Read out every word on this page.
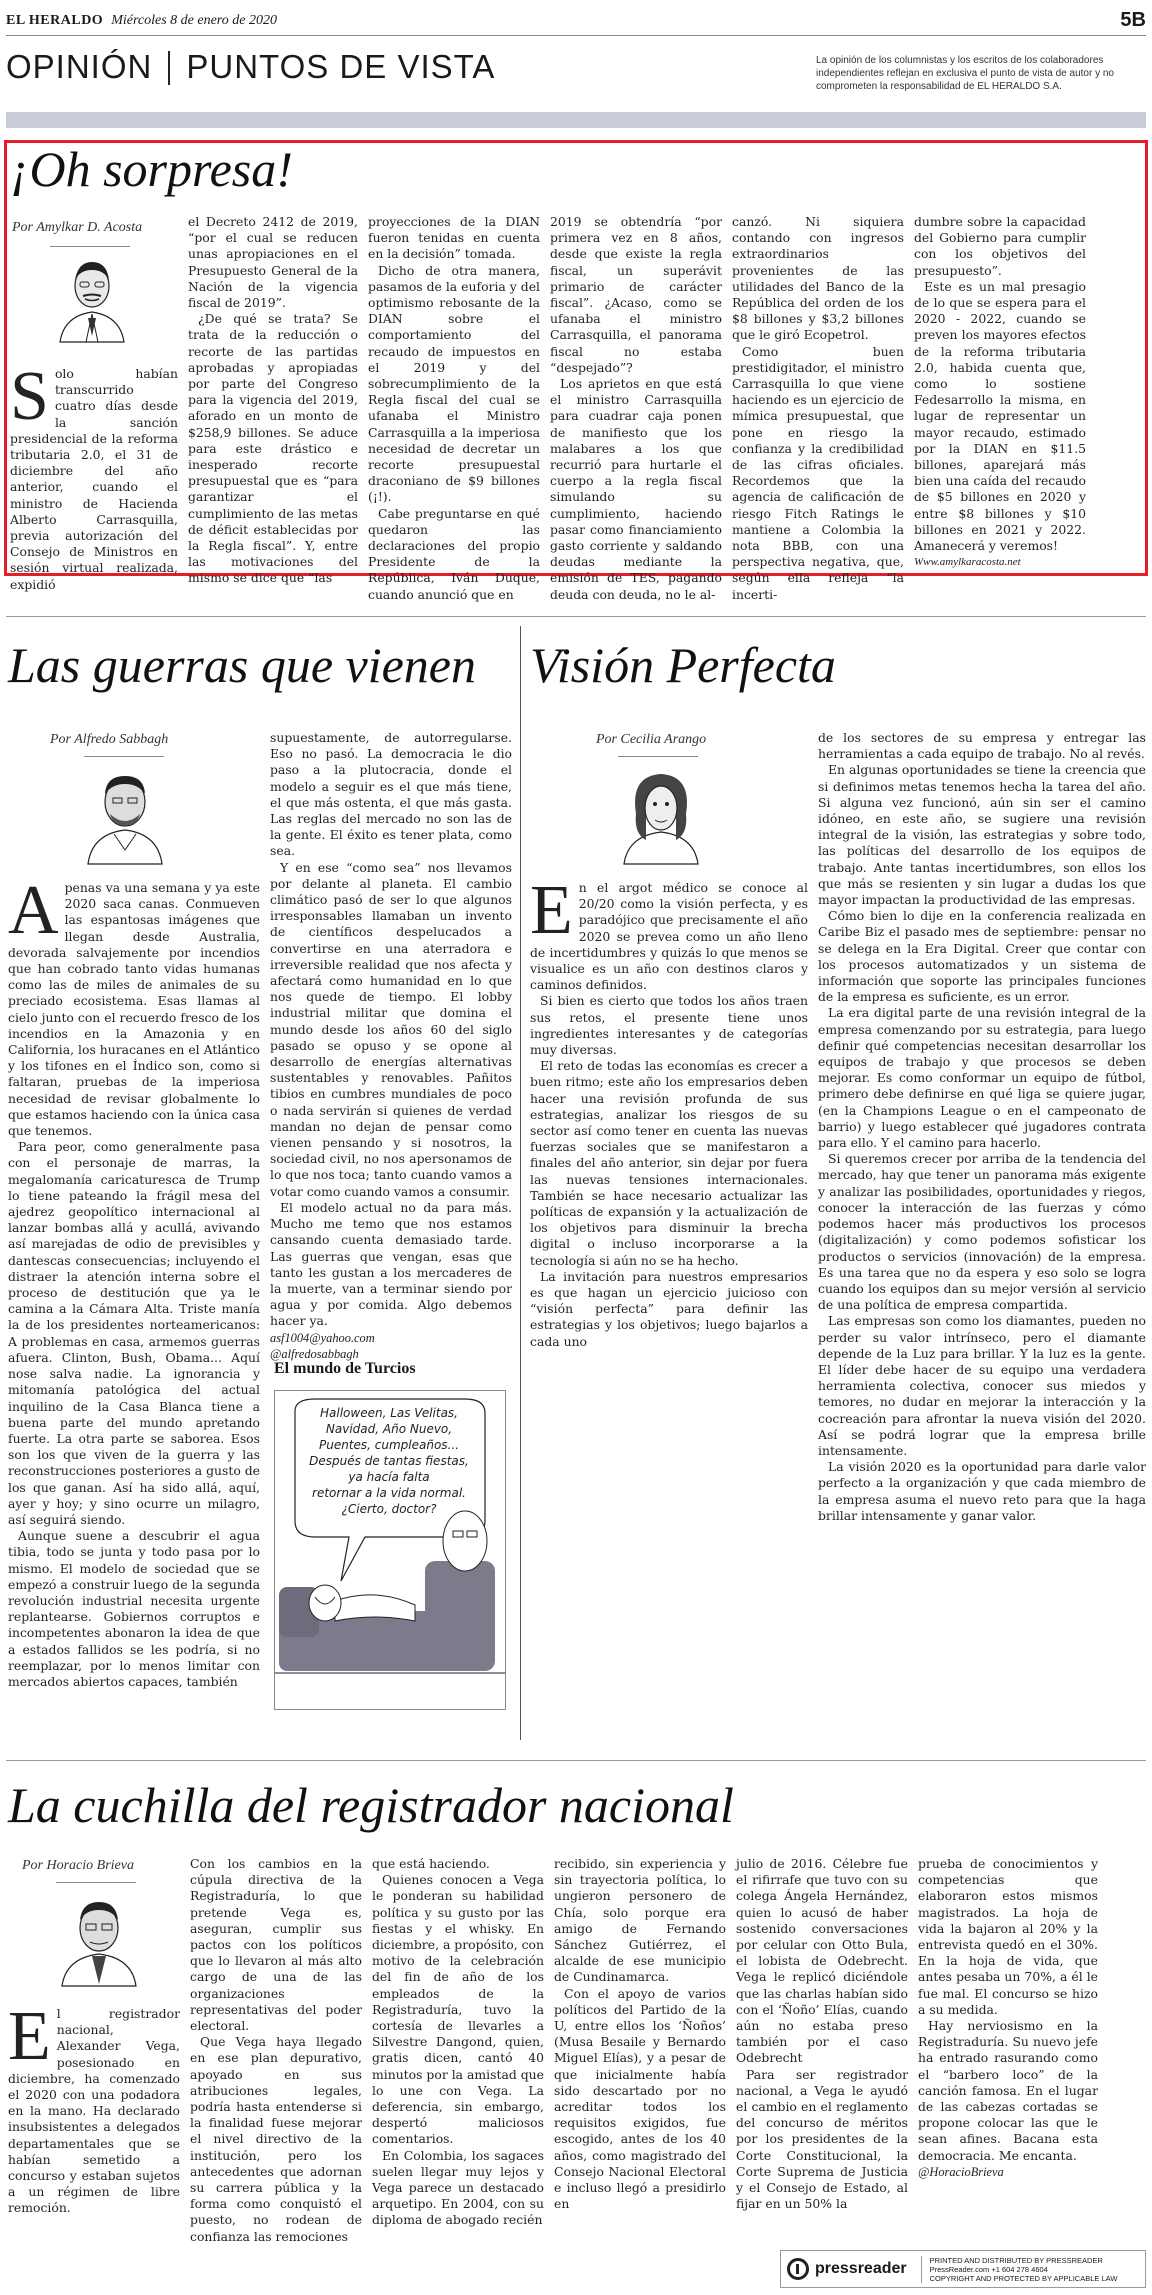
EL HERALDO Miércoles 8 de enero de 2020	5B
OPINIÓN PUNTOS DE VISTA	La opinión de los columnistas y los escritos de los colaboradores independientes reflejan en exclusiva el punto de vista de autor y no comprometen la responsabilidad de EL HERALDO S.A.
¡Oh sorpresa!
Por Amylkar D. Acosta
S olo habían transcurrido cuatro días desde la sanción presidencial de la reforma tributaria 2.0, el 31 de diciembre del año anterior, cuando el ministro de Hacienda Alberto Carrasquilla, previa autorización del Consejo de Ministros en sesión virtual realizada, expidió

el Decreto 2412 de 2019, “por el cual se reducen unas apropiaciones en el Presupuesto General de la Nación de la vigencia fiscal de 2019”.

¿De qué se trata? Se trata de la reducción o recorte de las partidas aprobadas y apropiadas por parte del Congreso para la vigencia del 2019, aforado en un monto de $258,9 billones. Se aduce para este drástico e inesperado recorte presupuestal que es “para garantizar el cumplimiento de las metas de déficit establecidas por la Regla fiscal”. Y, entre las motivaciones del mismo se dice que “las

proyecciones de la DIAN fueron tenidas en cuenta en la decisión” tomada.

Dicho de otra manera, pasamos de la euforia y del optimismo rebosante de la DIAN sobre el comportamiento del recaudo de impuestos en el 2019 y del sobrecumplimiento de la Regla fiscal del cual se ufanaba el Ministro Carrasquilla a la imperiosa necesidad de decretar un recorte presupuestal draconiano de $9 billones (¡!).

Cabe preguntarse en qué quedaron las declaraciones del propio Presidente de la República, Iván Duque, cuando anunció que en

2019 se obtendría “por primera vez en 8 años, desde que existe la regla fiscal, un superávit primario de carácter fiscal”. ¿Acaso, como se ufanaba el ministro Carrasquilla, el panorama fiscal no estaba “despejado”?

Los aprietos en que está el ministro Carrasquilla para cuadrar caja ponen de manifiesto que los malabares a los que recurrió para hurtarle el cuerpo a la regla fiscal simulando su cumplimiento, haciendo pasar como financiamiento gasto corriente y saldando deudas mediante la emisión de TES, pagando deuda con deuda, no le al-

canzó. Ni siquiera contando con ingresos extraordinarios provenientes de las utilidades del Banco de la República del orden de los $8 billones y $3,2 billones que le giró Ecopetrol.

Como buen prestidigitador, el ministro Carrasquilla lo que viene haciendo es un ejercicio de mímica presupuestal, que pone en riesgo la confianza y la credibilidad de las cifras oficiales. Recordemos que la agencia de calificación de riesgo Fitch Ratings le mantiene a Colombia la nota BBB, con una perspectiva negativa, que, según ella refleja “la incerti-

dumbre sobre la capacidad del Gobierno para cumplir con los objetivos del presupuesto”.

Este es un mal presagio de lo que se espera para el 2020 - 2022, cuando se preven los mayores efectos de la reforma tributaria 2.0, habida cuenta que, como lo sostiene Fedesarrollo la misma, en lugar de representar un mayor recaudo, estimado por la DIAN en $11.5 billones, aparejará más bien una caída del recaudo de $5 billones en 2020 y entre $8 billones y $10 billones en 2021 y 2022. Amanecerá y veremos!

Www.amylkaracosta.net

Las guerras que vienen
Por Alfredo Sabbagh
A penas va una semana y ya este 2020 saca canas. Conmueven las espantosas imágenes que llegan desde Australia, devorada salvajemente por incendios que han cobrado tanto vidas humanas como las de miles de animales de su preciado ecosistema. Esas llamas al cielo junto con el recuerdo fresco de los incendios en la Amazonia y en California, los huracanes en el Atlántico y los tifones en el Índico son, como si faltaran, pruebas de la imperiosa necesidad de revisar globalmente lo que estamos haciendo con la única casa que tenemos.

Para peor, como generalmente pasa con el personaje de marras, la megalomanía caricaturesca de Trump lo tiene pateando la frágil mesa del ajedrez geopolítico internacional al lanzar bombas allá y acullá, avivando así marejadas de odio de previsibles y dantescas consecuencias; incluyendo el distraer la atención interna sobre el proceso de destitución que ya le camina a la Cámara Alta. Triste manía la de los presidentes norteamericanos: A problemas en casa, armemos guerras afuera. Clinton, Bush, Obama... Aquí nose salva nadie. La ignorancia y mitomanía patológica del actual inquilino de la Casa Blanca tiene a buena parte del mundo apretando fuerte. La otra parte se saborea. Esos son los que viven de la guerra y las reconstrucciones posteriores a gusto de los que ganan. Así ha sido allá, aquí, ayer y hoy; y sino ocurre un milagro, así seguirá siendo.

Aunque suene a descubrir el agua tibia, todo se junta y todo pasa por lo mismo. El modelo de sociedad que se empezó a construir luego de la segunda revolución industrial necesita urgente replantearse. Gobiernos corruptos e incompetentes abonaron la idea de que a estados fallidos se les podría, si no reemplazar, por lo menos limitar con mercados abiertos capaces, también

supuestamente, de autorregularse. Eso no pasó. La democracia le dio paso a la plutocracia, donde el modelo a seguir es el que más tiene, el que más ostenta, el que más gasta. Las reglas del mercado no son las de la gente. El éxito es tener plata, como sea.

Y en ese “como sea” nos llevamos por delante al planeta. El cambio climático pasó de ser lo que algunos irresponsables llamaban un invento de científicos despelucados a convertirse en una aterradora e irreversible realidad que nos afecta y afectará como humanidad en lo que nos quede de tiempo. El lobby industrial militar que domina el mundo desde los años 60 del siglo pasado se opuso y se opone al desarrollo de energías alternativas sustentables y renovables. Pañitos tibios en cumbres mundiales de poco o nada servirán si quienes de verdad mandan no dejan de pensar como vienen pensando y si nosotros, la sociedad civil, no nos apersonamos de lo que nos toca; tanto cuando vamos a votar como cuando vamos a consumir.

El modelo actual no da para más. Mucho me temo que nos estamos cansando cuenta demasiado tarde. Las guerras que vengan, esas que tanto les gustan a los mercaderes de la muerte, van a terminar siendo por agua y por comida. Algo debemos hacer ya.

asf1004@yahoo.com

@alfredosabbagh

El mundo de Turcios
Halloween, Las Velitas,
Navidad, Año Nuevo,
Puentes, cumpleaños...
Después de tantas fiestas,
ya hacía falta
retornar a la vida normal.
¿Cierto, doctor?
Visión Perfecta
Por Cecilia Arango
E n el argot médico se conoce al 20/20 como la visión perfecta, y es paradójico que precisamente el año 2020 se prevea como un año lleno de incertidumbres y quizás lo que menos se visualice es un año con destinos claros y caminos definidos.

Si bien es cierto que todos los años traen sus retos, el presente tiene unos ingredientes interesantes y de categorías muy diversas.

El reto de todas las economías es crecer a buen ritmo; este año los empresarios deben hacer una revisión profunda de sus estrategias, analizar los riesgos de su sector así como tener en cuenta las nuevas fuerzas sociales que se manifestaron a finales del año anterior, sin dejar por fuera las nuevas tensiones internacionales. También se hace necesario actualizar las políticas de expansión y la actualización de los objetivos para disminuir la brecha digital o incluso incorporarse a la tecnología si aún no se ha hecho.

La invitación para nuestros empresarios es que hagan un ejercicio juicioso con “visión perfecta” para definir las estrategias y los objetivos; luego bajarlos a cada uno

de los sectores de su empresa y entregar las herramientas a cada equipo de trabajo. No al revés.

En algunas oportunidades se tiene la creencia que si definimos metas tenemos hecha la tarea del año. Si alguna vez funcionó, aún sin ser el camino idóneo, en este año, se sugiere una revisión integral de la visión, las estrategias y sobre todo, las políticas del desarrollo de los equipos de trabajo. Ante tantas incertidumbres, son ellos los que más se resienten y sin lugar a dudas los que mayor impactan la productividad de las empresas.

Cómo bien lo dije en la conferencia realizada en Caribe Biz el pasado mes de septiembre: pensar no se delega en la Era Digital. Creer que contar con los procesos automatizados y un sistema de información que soporte las principales funciones de la empresa es suficiente, es un error.

La era digital parte de una revisión integral de la empresa comenzando por su estrategia, para luego definir qué competencias necesitan desarrollar los equipos de trabajo y que procesos se deben mejorar. Es como conformar un equipo de fútbol, primero debe definirse en qué liga se quiere jugar, (en la Champions League o en el campeonato de barrio) y luego establecer qué jugadores contrata para ello. Y el camino para hacerlo.

Si queremos crecer por arriba de la tendencia del mercado, hay que tener un panorama más exigente y analizar las posibilidades, oportunidades y riegos, conocer la interacción de las fuerzas y cómo podemos hacer más productivos los procesos (digitalización) y como podemos sofisticar los productos o servicios (innovación) de la empresa. Es una tarea que no da espera y eso solo se logra cuando los equipos dan su mejor versión al servicio de una política de empresa compartida.

Las empresas son como los diamantes, pueden no perder su valor intrínseco, pero el diamante depende de la Luz para brillar. Y la luz es la gente. El líder debe hacer de su equipo una verdadera herramienta colectiva, conocer sus miedos y temores, no dudar en mejorar la interacción y la cocreación para afrontar la nueva visión del 2020. Así se podrá lograr que la empresa brille intensamente.

La visión 2020 es la oportunidad para darle valor perfecto a la organización y que cada miembro de la empresa asuma el nuevo reto para que la haga brillar intensamente y ganar valor.

La cuchilla del registrador nacional
Por Horacio Brieva
E l registrador nacional, Alexander Vega, posesionado en diciembre, ha comenzado el 2020 con una podadora en la mano. Ha declarado insubsistentes a delegados departamentales que se habían semetido a concurso y estaban sujetos a un régimen de libre remoción.

Con los cambios en la cúpula directiva de la Registraduría, lo que pretende Vega es, aseguran, cumplir sus pactos con los políticos que lo llevaron al más alto cargo de una de las organizaciones representativas del poder electoral.

Que Vega haya llegado en ese plan depurativo, apoyado en sus atribuciones legales, podría hasta entenderse si la finalidad fuese mejorar el nivel directivo de la institución, pero los antecedentes que adornan su carrera pública y la forma como conquistó el puesto, no rodean de confianza las remociones

que está haciendo.

Quienes conocen a Vega le ponderan su habilidad política y su gusto por las fiestas y el whisky. En diciembre, a propósito, con motivo de la celebración del fin de año de los empleados de la Registraduría, tuvo la cortesía de llevarles a Silvestre Dangond, quien, gratis dicen, cantó 40 minutos por la amistad que lo une con Vega. La deferencia, sin embargo, despertó maliciosos comentarios.

En Colombia, los sagaces suelen llegar muy lejos y Vega parece un destacado arquetipo. En 2004, con su diploma de abogado recién

recibido, sin experiencia y sin trayectoria política, lo ungieron personero de Chía, solo porque era amigo de Fernando Sánchez Gutiérrez, el alcalde de ese municipio de Cundinamarca.

Con el apoyo de varios políticos del Partido de la U, entre ellos los ‘Ñoños’ (Musa Besaile y Bernardo Miguel Elías), y a pesar de que inicialmente había sido descartado por no acreditar todos los requisitos exigidos, fue escogido, antes de los 40 años, como magistrado del Consejo Nacional Electoral e incluso llegó a presidirlo en

julio de 2016. Célebre fue el rifirrafe que tuvo con su colega Ángela Hernández, quien lo acusó de haber sostenido conversaciones por celular con Otto Bula, el lobista de Odebrecht. Vega le replicó diciéndole que las charlas habían sido con el ‘Ñoño’ Elías, cuando aún no estaba preso también por el caso Odebrecht

Para ser registrador nacional, a Vega le ayudó el cambio en el reglamento del concurso de méritos por los presidentes de la Corte Constitucional, la Corte Suprema de Justicia y el Consejo de Estado, al fijar en un 50% la

prueba de conocimientos y competencias que elaboraron estos mismos magistrados. La hoja de vida la bajaron al 20% y la entrevista quedó en el 30%. En la hoja de vida, que antes pesaba un 70%, a él le fue mal. El concurso se hizo a su medida.

Hay nerviosismo en la Registraduría. Su nuevo jefe ha entrado rasurando como el “barbero loco” de la canción famosa. En el lugar de las cabezas cortadas se propone colocar las que le sean afines. Bacana esta democracia. Me encanta.

@HoracioBrieva

pressreader	PRINTED AND DISTRIBUTED BY PRESSREADER
PressReader.com +1 604 278 4604
COPYRIGHT AND PROTECTED BY APPLICABLE LAW
